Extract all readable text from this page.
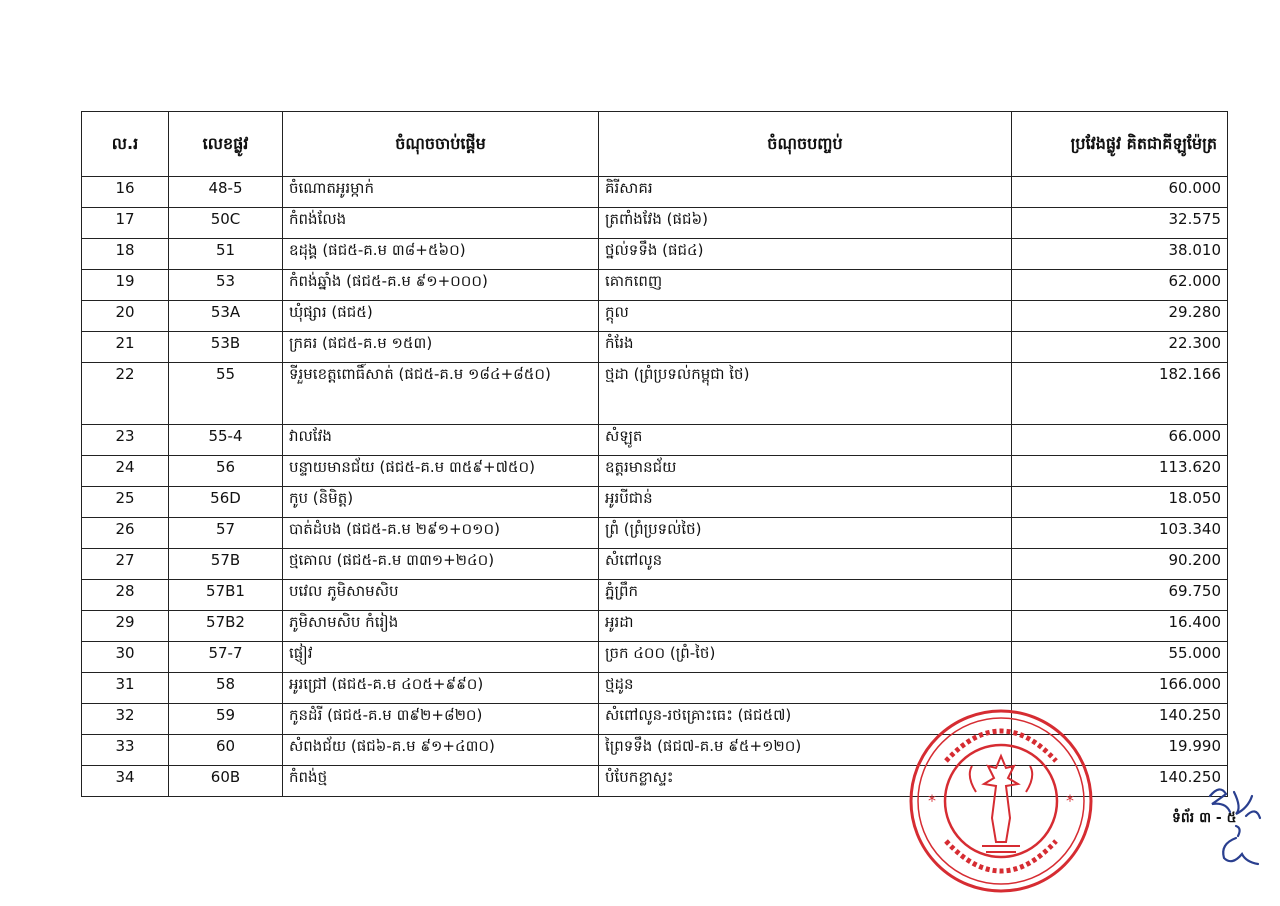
ល.រ	លេខផ្លូវ	ចំណុចចាប់ផ្តើម	ចំណុចបញ្ចប់	ប្រវែងផ្លូវ គិតជាគីឡូម៉ែត្រ
16	48-5	ចំណោតអូរម្កាក់	គិរីសាគរ	60.000
17	50C	កំពង់លែង	ត្រពាំងវែង (ផជ៦)	32.575
18	51	ឧដុង្គ (ផជ៥-គ.ម ៣៨+៥៦០)	ថ្នល់ទទឹង (ផជ៤)	38.010
19	53	កំពង់ឆ្នាំង (ផជ៥-គ.ម ៩១+០០០)	គោកពេញ	62.000
20	53A	ឃុំផ្សារ (ផជ៥)	ក្ដុល	29.280
21	53B	ក្រគរ (ផជ៥-គ.ម ១៥៣)	កំរែង	22.300
22	55	ទីរួមខេត្តពោធិ៍សាត់ (ផជ៥-គ.ម ១៨៤+៨៥០)	ថ្មដា (ព្រំប្រទល់កម្ពុជា ថៃ)	182.166
23	55-4	វាលវែង	សំឡូត	66.000
24	56	បន្ទាយមានជ័យ (ផជ៥-គ.ម ៣៥៩+៧៥០)	ឧត្ដរមានជ័យ	113.620
25	56D	កូប (និមិត្ត)	អូរបីជាន់	18.050
26	57	បាត់ដំបង (ផជ៥-គ.ម ២៩១+០១០)	ព្រំ (ព្រំប្រទល់ថៃ)	103.340
27	57B	ថ្មគោល (ផជ៥-គ.ម ៣៣១+២៤០)	សំពៅលូន	90.200
28	57B1	បវេល ភូមិសាមសិប	ភ្នំព្រឹក	69.750
29	57B2	ភូមិសាមសិប កំរៀង	អូរដា	16.400
30	57-7	ផ្ញៀវ	ច្រក ៤០០ (ព្រំ-ថៃ)	55.000
31	58	អូរជ្រៅ (ផជ៥-គ.ម ៤០៥+៩៩០)	ថ្មដូន	166.000
32	59	កូនដំរី (ផជ៥-គ.ម ៣៩២+៨២០)	សំពៅលូន-រថគ្រោះធេះ (ផជ៥៧)	140.250
33	60	សំពងជ័យ (ផជ៦-គ.ម ៩១+៤៣០)	ព្រៃទទឹង (ផជ៧-គ.ម ៩៥+១២០)	19.990
34	60B	កំពង់ថ្ម	បំបែកខ្លាស្ទះ	140.250
ទំព័រ ៣ - ៥
*	*
